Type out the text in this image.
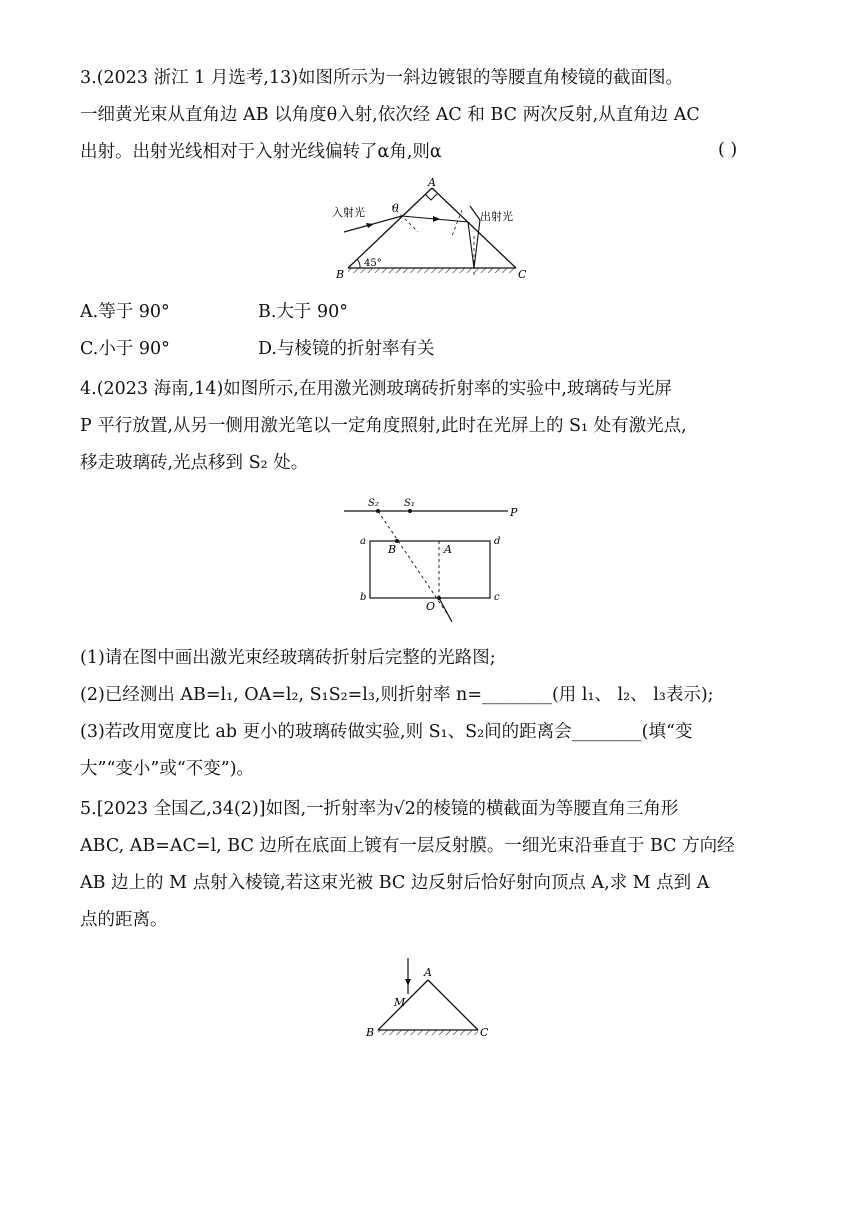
3.(2023 浙江 1 月选考,13)如图所示为一斜边镀银的等腰直角棱镜的截面图。
一细黄光束从直角边 AB 以角度θ入射,依次经 AC 和 BC 两次反射,从直角边 AC
出射。出射光线相对于入射光线偏转了α角,则α	( )
A
B	C
入射光	出射光
θ
45°
A.等于 90°	B.大于 90°
C.小于 90°	D.与棱镜的折射率有关
4.(2023 海南,14)如图所示,在用激光测玻璃砖折射率的实验中,玻璃砖与光屏
P 平行放置,从另一侧用激光笔以一定角度照射,此时在光屏上的 S₁ 处有激光点,
移走玻璃砖,光点移到 S₂ 处。
S₂	S₁
P
a
B	A
d
b
O
c
(1)请在图中画出激光束经玻璃砖折射后完整的光路图;
(2)已经测出 AB=l₁, OA=l₂, S₁S₂=l₃,则折射率 n=________(用 l₁、 l₂、 l₃表示);
(3)若改用宽度比 ab 更小的玻璃砖做实验,则 S₁、S₂间的距离会________(填“变
大”“变小”或“不变”)。
5.[2023 全国乙,34(2)]如图,一折射率为√2的棱镜的横截面为等腰直角三角形
ABC, AB=AC=l, BC 边所在底面上镀有一层反射膜。一细光束沿垂直于 BC 方向经
AB 边上的 M 点射入棱镜,若这束光被 BC 边反射后恰好射向顶点 A,求 M 点到 A
点的距离。
A
B	C
M
